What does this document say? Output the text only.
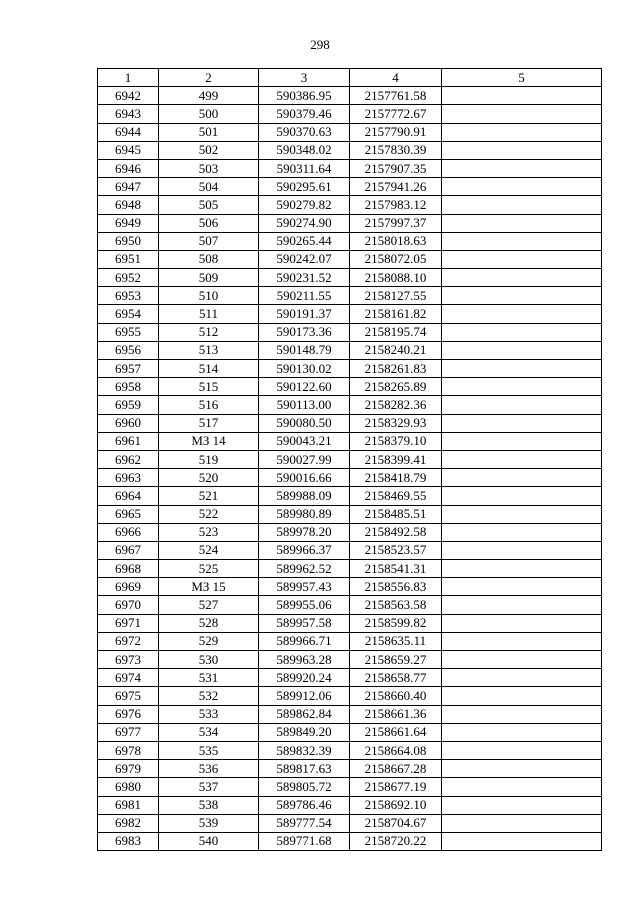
298
1	2	3	4	5
6942	499	590386.95	2157761.58	
6943	500	590379.46	2157772.67	
6944	501	590370.63	2157790.91	
6945	502	590348.02	2157830.39	
6946	503	590311.64	2157907.35	
6947	504	590295.61	2157941.26	
6948	505	590279.82	2157983.12	
6949	506	590274.90	2157997.37	
6950	507	590265.44	2158018.63	
6951	508	590242.07	2158072.05	
6952	509	590231.52	2158088.10	
6953	510	590211.55	2158127.55	
6954	511	590191.37	2158161.82	
6955	512	590173.36	2158195.74	
6956	513	590148.79	2158240.21	
6957	514	590130.02	2158261.83	
6958	515	590122.60	2158265.89	
6959	516	590113.00	2158282.36	
6960	517	590080.50	2158329.93	
6961	МЗ 14	590043.21	2158379.10	
6962	519	590027.99	2158399.41	
6963	520	590016.66	2158418.79	
6964	521	589988.09	2158469.55	
6965	522	589980.89	2158485.51	
6966	523	589978.20	2158492.58	
6967	524	589966.37	2158523.57	
6968	525	589962.52	2158541.31	
6969	МЗ 15	589957.43	2158556.83	
6970	527	589955.06	2158563.58	
6971	528	589957.58	2158599.82	
6972	529	589966.71	2158635.11	
6973	530	589963.28	2158659.27	
6974	531	589920.24	2158658.77	
6975	532	589912.06	2158660.40	
6976	533	589862.84	2158661.36	
6977	534	589849.20	2158661.64	
6978	535	589832.39	2158664.08	
6979	536	589817.63	2158667.28	
6980	537	589805.72	2158677.19	
6981	538	589786.46	2158692.10	
6982	539	589777.54	2158704.67	
6983	540	589771.68	2158720.22	
